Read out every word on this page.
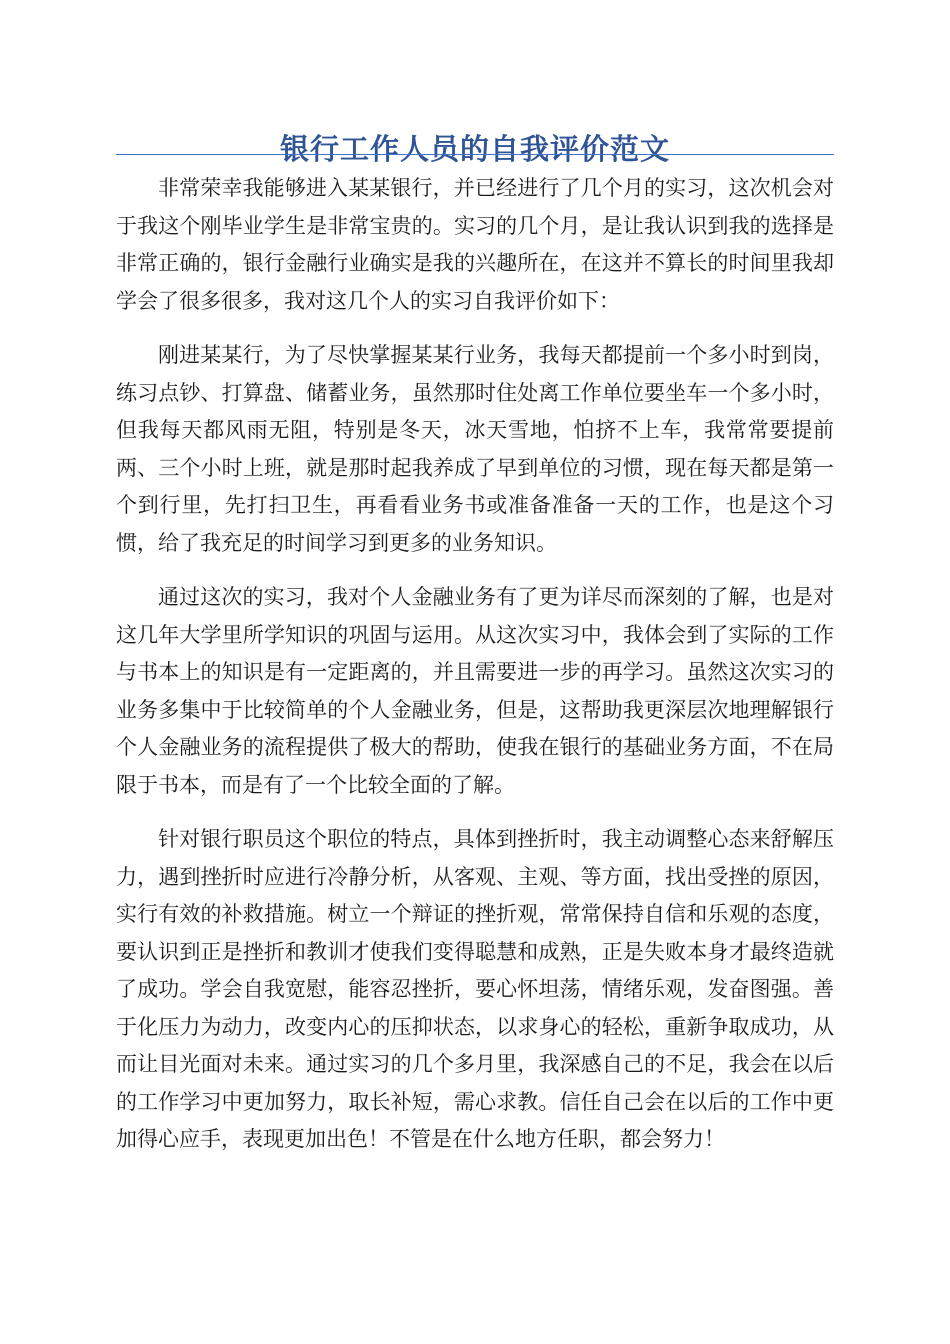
银行工作人员的自我评价范文

非常荣幸我能够进入某某银行，并已经进行了几个月的实习，这次机会对于我这个刚毕业学生是非常宝贵的。实习的几个月，是让我认识到我的选择是非常正确的，银行金融行业确实是我的兴趣所在，在这并不算长的时间里我却学会了很多很多，我对这几个人的实习自我评价如下：

刚进某某行，为了尽快掌握某某行业务，我每天都提前一个多小时到岗，练习点钞、打算盘、储蓄业务，虽然那时住处离工作单位要坐车一个多小时，但我每天都风雨无阻，特别是冬天，冰天雪地，怕挤不上车，我常常要提前两、三个小时上班，就是那时起我养成了早到单位的习惯，现在每天都是第一个到行里，先打扫卫生，再看看业务书或准备准备一天的工作，也是这个习惯，给了我充足的时间学习到更多的业务知识。

通过这次的实习，我对个人金融业务有了更为详尽而深刻的了解，也是对这几年大学里所学知识的巩固与运用。从这次实习中，我体会到了实际的工作与书本上的知识是有一定距离的，并且需要进一步的再学习。虽然这次实习的业务多集中于比较简单的个人金融业务，但是，这帮助我更深层次地理解银行个人金融业务的流程提供了极大的帮助，使我在银行的基础业务方面，不在局限于书本，而是有了一个比较全面的了解。

针对银行职员这个职位的特点，具体到挫折时，我主动调整心态来舒解压力，遇到挫折时应进行冷静分析，从客观、主观、等方面，找出受挫的原因，实行有效的补救措施。树立一个辩证的挫折观，常常保持自信和乐观的态度，要认识到正是挫折和教训才使我们变得聪慧和成熟，正是失败本身才最终造就了成功。学会自我宽慰，能容忍挫折，要心怀坦荡，情绪乐观，发奋图强。善于化压力为动力，改变内心的压抑状态，以求身心的轻松，重新争取成功，从而让目光面对未来。通过实习的几个多月里，我深感自己的不足，我会在以后的工作学习中更加努力，取长补短，需心求教。信任自己会在以后的工作中更加得心应手，表现更加出色！不管是在什么地方任职，都会努力！
